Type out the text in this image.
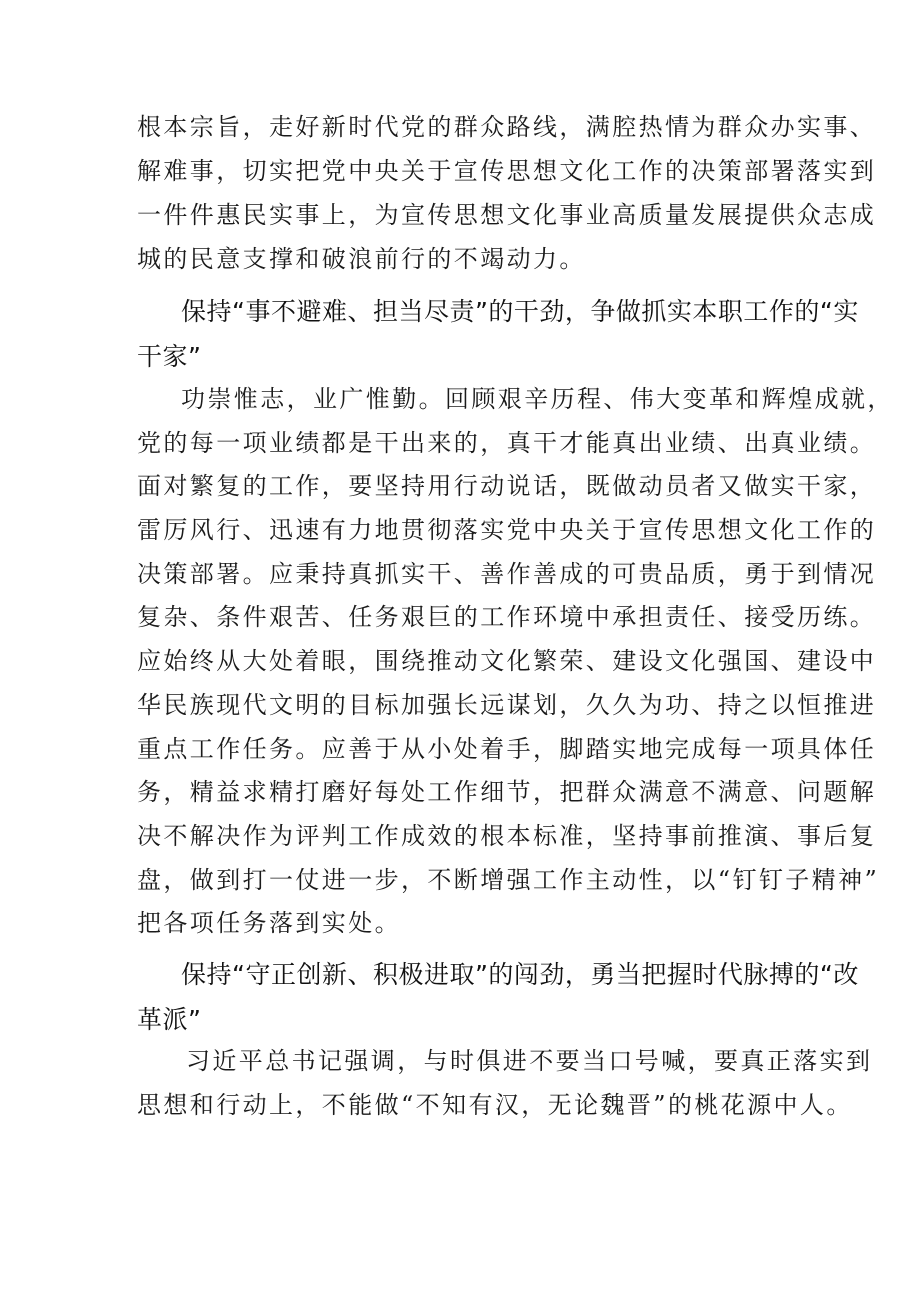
根本宗旨，走好新时代党的群众路线，满腔热情为群众办实事、
解难事，切实把党中央关于宣传思想文化工作的决策部署落实到
一件件惠民实事上，为宣传思想文化事业高质量发展提供众志成
城的民意支撑和破浪前行的不竭动力。
保持“事不避难、担当尽责”的干劲，争做抓实本职工作的“实
干家”
功崇惟志，业广惟勤。回顾艰辛历程、伟大变革和辉煌成就，
党的每一项业绩都是干出来的，真干才能真出业绩、出真业绩。
面对繁复的工作，要坚持用行动说话，既做动员者又做实干家，
雷厉风行、迅速有力地贯彻落实党中央关于宣传思想文化工作的
决策部署。应秉持真抓实干、善作善成的可贵品质，勇于到情况
复杂、条件艰苦、任务艰巨的工作环境中承担责任、接受历练。
应始终从大处着眼，围绕推动文化繁荣、建设文化强国、建设中
华民族现代文明的目标加强长远谋划，久久为功、持之以恒推进
重点工作任务。应善于从小处着手，脚踏实地完成每一项具体任
务，精益求精打磨好每处工作细节，把群众满意不满意、问题解
决不解决作为评判工作成效的根本标准，坚持事前推演、事后复
盘，做到打一仗进一步，不断增强工作主动性，以“钉钉子精神”
把各项任务落到实处。
保持“守正创新、积极进取”的闯劲，勇当把握时代脉搏的“改
革派”
习近平总书记强调，与时俱进不要当口号喊，要真正落实到
思想和行动上，不能做“不知有汉，无论魏晋”的桃花源中人。
